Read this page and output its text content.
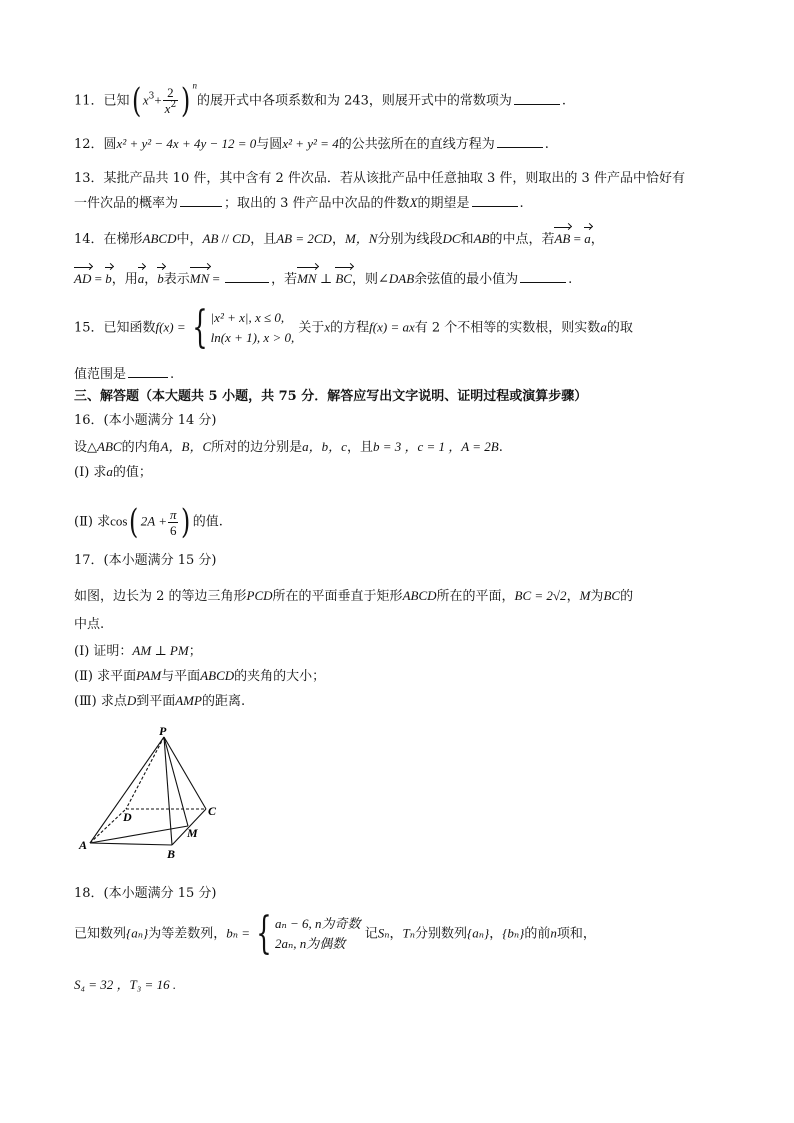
11．已知( $x^3+ \frac{2}{x^2}$ ) $^n$的展开式中各项系数和为 243，则展开式中的常数项为	.
12．圆x² + y² − 4x + 4y − 12 = 0与圆x² + y² = 4的公共弦所在的直线方程为	.
13．某批产品共 10 件，其中含有 2 件次品．若从该批产品中任意抽取 3 件，则取出的 3 件产品中恰好有
一件次品的概率为	；取出的 3 件产品中次品的件数X的期望是	.
14．在梯形ABCD中，AB // CD，且AB = 2CD，M，N分别为线段DC和AB的中点，若AB = a，
AD = b，用a，b表示MN =	，若MN ⊥ BC，则∠DAB余弦值的最小值为	.
15．已知函数f(x) = { |x² + x|, x ≤ 0,
ln(x + 1), x > 0,
关于x的方程f(x) = ax有 2 个不相等的实数根，则实数a的取
值范围是	.
三、解答题（本大题共 5 小题，共 75 分．解答应写出文字说明、证明过程或演算步骤）
16．(本小题满分 14 分)
设△ABC的内角A，B，C所对的边分别是a，b，c，且b = 3 ，c = 1 ，A = 2B.
(Ⅰ) 求a的值；
(Ⅱ) 求cos( $2A + \frac{\pi}{6}$ ) 的值.
17．(本小题满分 15 分)
如图，边长为 2 的等边三角形PCD所在的平面垂直于矩形ABCD所在的平面，BC = 2√2，M为BC的
中点.
(Ⅰ) 证明：AM ⊥ PM；
(Ⅱ) 求平面PAM与平面ABCD的夹角的大小；
(Ⅲ) 求点D到平面AMP的距离.
P
C
D
M
A
B
18．(本小题满分 15 分)
已知数列{aₙ}为等差数列，bₙ = { aₙ − 6, n为奇数
2aₙ, n为偶数
记Sₙ，Tₙ分别数列{aₙ}，{bₙ}的前n项和，
S₄ = 32 ，T₃ = 16 .
